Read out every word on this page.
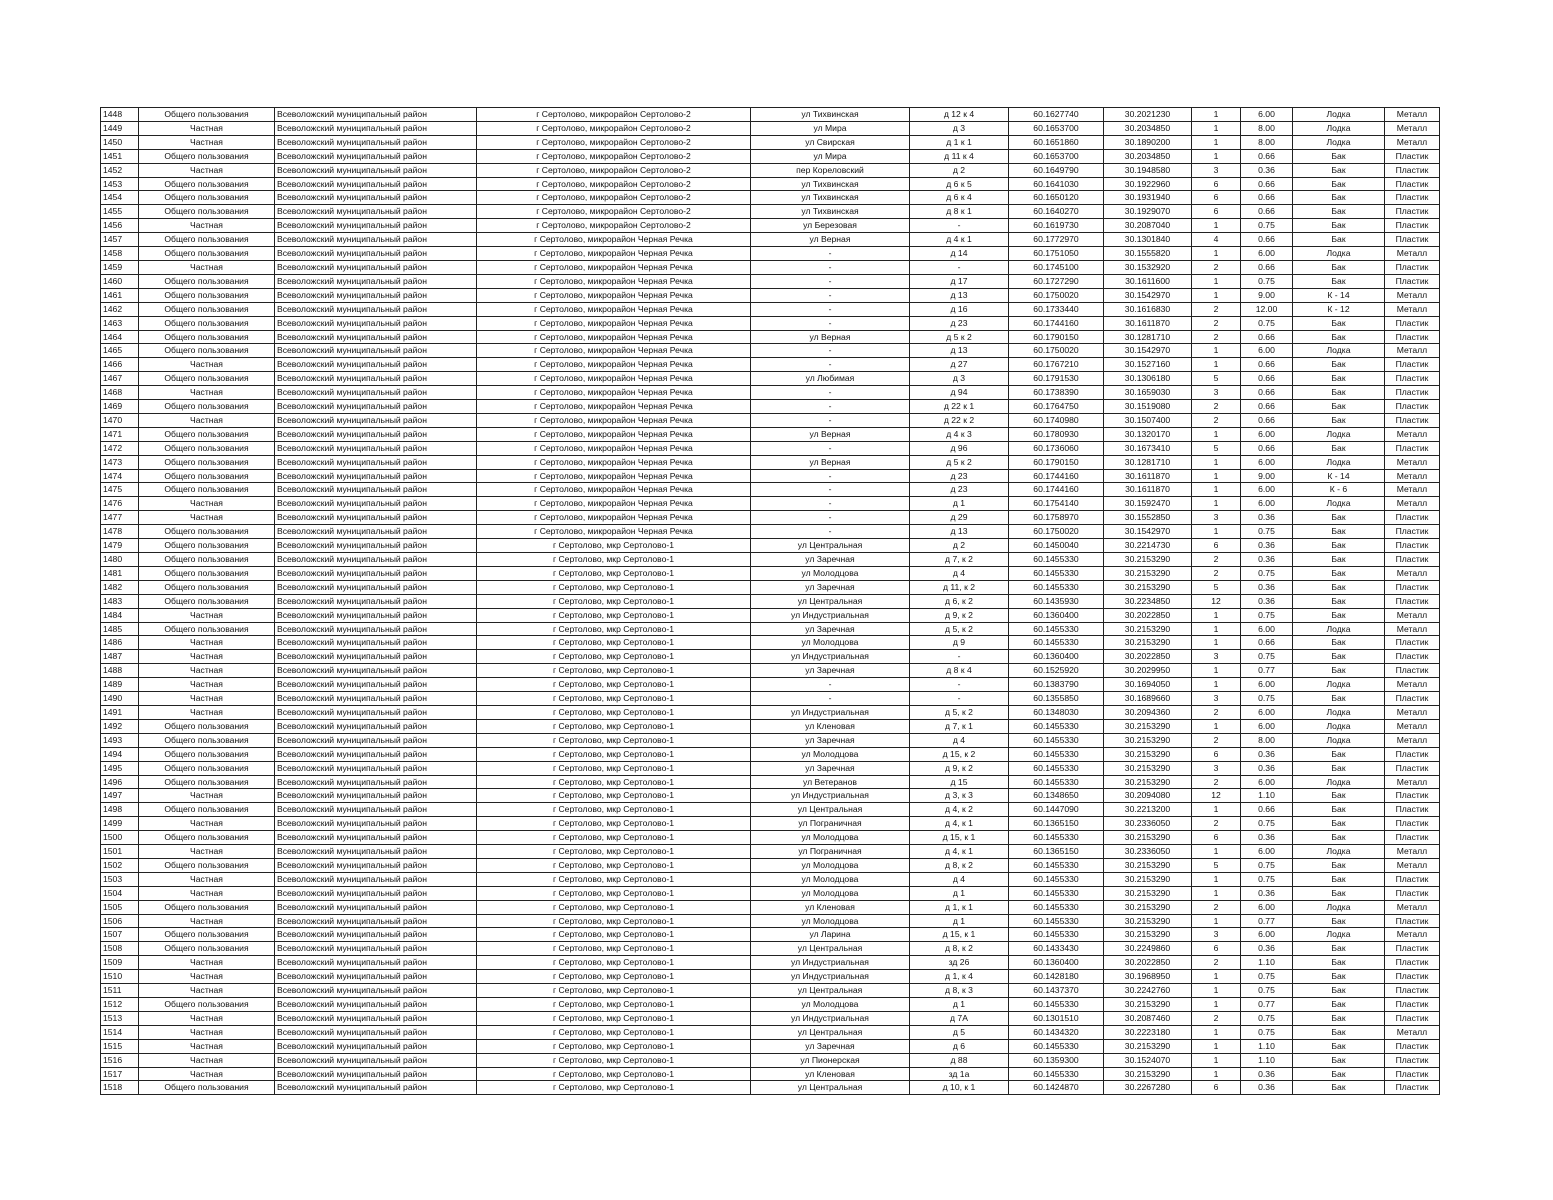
1448	Общего пользования	Всеволожский муниципальный район	г Сертолово, микрорайон Сертолово-2	ул Тихвинская	д 12 к 4	60.1627740	30.2021230	1	6.00	Лодка	Металл
1449	Частная	Всеволожский муниципальный район	г Сертолово, микрорайон Сертолово-2	ул Мира	д 3	60.1653700	30.2034850	1	8.00	Лодка	Металл
1450	Частная	Всеволожский муниципальный район	г Сертолово, микрорайон Сертолово-2	ул Свирская	д 1 к 1	60.1651860	30.1890200	1	8.00	Лодка	Металл
1451	Общего пользования	Всеволожский муниципальный район	г Сертолово, микрорайон Сертолово-2	ул Мира	д 11 к 4	60.1653700	30.2034850	1	0.66	Бак	Пластик
1452	Частная	Всеволожский муниципальный район	г Сертолово, микрорайон Сертолово-2	пер Кореловский	д 2	60.1649790	30.1948580	3	0.36	Бак	Пластик
1453	Общего пользования	Всеволожский муниципальный район	г Сертолово, микрорайон Сертолово-2	ул Тихвинская	д 6 к 5	60.1641030	30.1922960	6	0.66	Бак	Пластик
1454	Общего пользования	Всеволожский муниципальный район	г Сертолово, микрорайон Сертолово-2	ул Тихвинская	д 6 к 4	60.1650120	30.1931940	6	0.66	Бак	Пластик
1455	Общего пользования	Всеволожский муниципальный район	г Сертолово, микрорайон Сертолово-2	ул Тихвинская	д 8 к 1	60.1640270	30.1929070	6	0.66	Бак	Пластик
1456	Частная	Всеволожский муниципальный район	г Сертолово, микрорайон Сертолово-2	ул Березовая	-	60.1619730	30.2087040	1	0.75	Бак	Пластик
1457	Общего пользования	Всеволожский муниципальный район	г Сертолово, микрорайон Черная Речка	ул Верная	д 4 к 1	60.1772970	30.1301840	4	0.66	Бак	Пластик
1458	Общего пользования	Всеволожский муниципальный район	г Сертолово, микрорайон Черная Речка	-	д 14	60.1751050	30.1555820	1	6.00	Лодка	Металл
1459	Частная	Всеволожский муниципальный район	г Сертолово, микрорайон Черная Речка	-	-	60.1745100	30.1532920	2	0.66	Бак	Пластик
1460	Общего пользования	Всеволожский муниципальный район	г Сертолово, микрорайон Черная Речка	-	д 17	60.1727290	30.1611600	1	0.75	Бак	Пластик
1461	Общего пользования	Всеволожский муниципальный район	г Сертолово, микрорайон Черная Речка	-	д 13	60.1750020	30.1542970	1	9.00	К - 14	Металл
1462	Общего пользования	Всеволожский муниципальный район	г Сертолово, микрорайон Черная Речка	-	д 16	60.1733440	30.1616830	2	12.00	К - 12	Металл
1463	Общего пользования	Всеволожский муниципальный район	г Сертолово, микрорайон Черная Речка	-	д 23	60.1744160	30.1611870	2	0.75	Бак	Пластик
1464	Общего пользования	Всеволожский муниципальный район	г Сертолово, микрорайон Черная Речка	ул Верная	д 5 к 2	60.1790150	30.1281710	2	0.66	Бак	Пластик
1465	Общего пользования	Всеволожский муниципальный район	г Сертолово, микрорайон Черная Речка	-	д 13	60.1750020	30.1542970	1	6.00	Лодка	Металл
1466	Частная	Всеволожский муниципальный район	г Сертолово, микрорайон Черная Речка	-	д 27	60.1767210	30.1527160	1	0.66	Бак	Пластик
1467	Общего пользования	Всеволожский муниципальный район	г Сертолово, микрорайон Черная Речка	ул Любимая	д 3	60.1791530	30.1306180	5	0.66	Бак	Пластик
1468	Частная	Всеволожский муниципальный район	г Сертолово, микрорайон Черная Речка	-	д 94	60.1738390	30.1659030	3	0.66	Бак	Пластик
1469	Общего пользования	Всеволожский муниципальный район	г Сертолово, микрорайон Черная Речка	-	д 22 к 1	60.1764750	30.1519080	2	0.66	Бак	Пластик
1470	Частная	Всеволожский муниципальный район	г Сертолово, микрорайон Черная Речка	-	д 22 к 2	60.1740980	30.1507400	2	0.66	Бак	Пластик
1471	Общего пользования	Всеволожский муниципальный район	г Сертолово, микрорайон Черная Речка	ул Верная	д 4 к 3	60.1780930	30.1320170	1	6.00	Лодка	Металл
1472	Общего пользования	Всеволожский муниципальный район	г Сертолово, микрорайон Черная Речка	-	д 96	60.1736060	30.1673410	5	0.66	Бак	Пластик
1473	Общего пользования	Всеволожский муниципальный район	г Сертолово, микрорайон Черная Речка	ул Верная	д 5 к 2	60.1790150	30.1281710	1	6.00	Лодка	Металл
1474	Общего пользования	Всеволожский муниципальный район	г Сертолово, микрорайон Черная Речка	-	д 23	60.1744160	30.1611870	1	9.00	К - 14	Металл
1475	Общего пользования	Всеволожский муниципальный район	г Сертолово, микрорайон Черная Речка	-	д 23	60.1744160	30.1611870	1	6.00	К - 6	Металл
1476	Частная	Всеволожский муниципальный район	г Сертолово, микрорайон Черная Речка	-	д 1	60.1754140	30.1592470	1	6.00	Лодка	Металл
1477	Частная	Всеволожский муниципальный район	г Сертолово, микрорайон Черная Речка	-	д 29	60.1758970	30.1552850	3	0.36	Бак	Пластик
1478	Общего пользования	Всеволожский муниципальный район	г Сертолово, микрорайон Черная Речка	-	д 13	60.1750020	30.1542970	1	0.75	Бак	Пластик
1479	Общего пользования	Всеволожский муниципальный район	г Сертолово, мкр Сертолово-1	ул Центральная	д 2	60.1450040	30.2214730	6	0.36	Бак	Пластик
1480	Общего пользования	Всеволожский муниципальный район	г Сертолово, мкр Сертолово-1	ул Заречная	д 7, к 2	60.1455330	30.2153290	2	0.36	Бак	Пластик
1481	Общего пользования	Всеволожский муниципальный район	г Сертолово, мкр Сертолово-1	ул Молодцова	д 4	60.1455330	30.2153290	2	0.75	Бак	Металл
1482	Общего пользования	Всеволожский муниципальный район	г Сертолово, мкр Сертолово-1	ул Заречная	д 11, к 2	60.1455330	30.2153290	5	0.36	Бак	Пластик
1483	Общего пользования	Всеволожский муниципальный район	г Сертолово, мкр Сертолово-1	ул Центральная	д 6, к 2	60.1435930	30.2234850	12	0.36	Бак	Пластик
1484	Частная	Всеволожский муниципальный район	г Сертолово, мкр Сертолово-1	ул Индустриальная	д 9, к 2	60.1360400	30.2022850	1	0.75	Бак	Металл
1485	Общего пользования	Всеволожский муниципальный район	г Сертолово, мкр Сертолово-1	ул Заречная	д 5, к 2	60.1455330	30.2153290	1	6.00	Лодка	Металл
1486	Частная	Всеволожский муниципальный район	г Сертолово, мкр Сертолово-1	ул Молодцова	д 9	60.1455330	30.2153290	1	0.66	Бак	Пластик
1487	Частная	Всеволожский муниципальный район	г Сертолово, мкр Сертолово-1	ул Индустриальная	-	60.1360400	30.2022850	3	0.75	Бак	Пластик
1488	Частная	Всеволожский муниципальный район	г Сертолово, мкр Сертолово-1	ул Заречная	д 8 к 4	60.1525920	30.2029950	1	0.77	Бак	Пластик
1489	Частная	Всеволожский муниципальный район	г Сертолово, мкр Сертолово-1	-	-	60.1383790	30.1694050	1	6.00	Лодка	Металл
1490	Частная	Всеволожский муниципальный район	г Сертолово, мкр Сертолово-1	-	-	60.1355850	30.1689660	3	0.75	Бак	Пластик
1491	Частная	Всеволожский муниципальный район	г Сертолово, мкр Сертолово-1	ул Индустриальная	д 5, к 2	60.1348030	30.2094360	2	6.00	Лодка	Металл
1492	Общего пользования	Всеволожский муниципальный район	г Сертолово, мкр Сертолово-1	ул Кленовая	д 7, к 1	60.1455330	30.2153290	1	6.00	Лодка	Металл
1493	Общего пользования	Всеволожский муниципальный район	г Сертолово, мкр Сертолово-1	ул Заречная	д 4	60.1455330	30.2153290	2	8.00	Лодка	Металл
1494	Общего пользования	Всеволожский муниципальный район	г Сертолово, мкр Сертолово-1	ул Молодцова	д 15, к 2	60.1455330	30.2153290	6	0.36	Бак	Пластик
1495	Общего пользования	Всеволожский муниципальный район	г Сертолово, мкр Сертолово-1	ул Заречная	д 9, к 2	60.1455330	30.2153290	3	0.36	Бак	Пластик
1496	Общего пользования	Всеволожский муниципальный район	г Сертолово, мкр Сертолово-1	ул Ветеранов	д 15	60.1455330	30.2153290	2	6.00	Лодка	Металл
1497	Частная	Всеволожский муниципальный район	г Сертолово, мкр Сертолово-1	ул Индустриальная	д 3, к 3	60.1348650	30.2094080	12	1.10	Бак	Пластик
1498	Общего пользования	Всеволожский муниципальный район	г Сертолово, мкр Сертолово-1	ул Центральная	д 4, к 2	60.1447090	30.2213200	1	0.66	Бак	Пластик
1499	Частная	Всеволожский муниципальный район	г Сертолово, мкр Сертолово-1	ул Пограничная	д 4, к 1	60.1365150	30.2336050	2	0.75	Бак	Пластик
1500	Общего пользования	Всеволожский муниципальный район	г Сертолово, мкр Сертолово-1	ул Молодцова	д 15, к 1	60.1455330	30.2153290	6	0.36	Бак	Пластик
1501	Частная	Всеволожский муниципальный район	г Сертолово, мкр Сертолово-1	ул Пограничная	д 4, к 1	60.1365150	30.2336050	1	6.00	Лодка	Металл
1502	Общего пользования	Всеволожский муниципальный район	г Сертолово, мкр Сертолово-1	ул Молодцова	д 8, к 2	60.1455330	30.2153290	5	0.75	Бак	Металл
1503	Частная	Всеволожский муниципальный район	г Сертолово, мкр Сертолово-1	ул Молодцова	д 4	60.1455330	30.2153290	1	0.75	Бак	Пластик
1504	Частная	Всеволожский муниципальный район	г Сертолово, мкр Сертолово-1	ул Молодцова	д 1	60.1455330	30.2153290	1	0.36	Бак	Пластик
1505	Общего пользования	Всеволожский муниципальный район	г Сертолово, мкр Сертолово-1	ул Кленовая	д 1, к 1	60.1455330	30.2153290	2	6.00	Лодка	Металл
1506	Частная	Всеволожский муниципальный район	г Сертолово, мкр Сертолово-1	ул Молодцова	д 1	60.1455330	30.2153290	1	0.77	Бак	Пластик
1507	Общего пользования	Всеволожский муниципальный район	г Сертолово, мкр Сертолово-1	ул Ларина	д 15, к 1	60.1455330	30.2153290	3	6.00	Лодка	Металл
1508	Общего пользования	Всеволожский муниципальный район	г Сертолово, мкр Сертолово-1	ул Центральная	д 8, к 2	60.1433430	30.2249860	6	0.36	Бак	Пластик
1509	Частная	Всеволожский муниципальный район	г Сертолово, мкр Сертолово-1	ул Индустриальная	зд 26	60.1360400	30.2022850	2	1.10	Бак	Пластик
1510	Частная	Всеволожский муниципальный район	г Сертолово, мкр Сертолово-1	ул Индустриальная	д 1, к 4	60.1428180	30.1968950	1	0.75	Бак	Пластик
1511	Частная	Всеволожский муниципальный район	г Сертолово, мкр Сертолово-1	ул Центральная	д 8, к 3	60.1437370	30.2242760	1	0.75	Бак	Пластик
1512	Общего пользования	Всеволожский муниципальный район	г Сертолово, мкр Сертолово-1	ул Молодцова	д 1	60.1455330	30.2153290	1	0.77	Бак	Пластик
1513	Частная	Всеволожский муниципальный район	г Сертолово, мкр Сертолово-1	ул Индустриальная	д 7А	60.1301510	30.2087460	2	0.75	Бак	Пластик
1514	Частная	Всеволожский муниципальный район	г Сертолово, мкр Сертолово-1	ул Центральная	д 5	60.1434320	30.2223180	1	0.75	Бак	Металл
1515	Частная	Всеволожский муниципальный район	г Сертолово, мкр Сертолово-1	ул Заречная	д 6	60.1455330	30.2153290	1	1.10	Бак	Пластик
1516	Частная	Всеволожский муниципальный район	г Сертолово, мкр Сертолово-1	ул Пионерская	д 88	60.1359300	30.1524070	1	1.10	Бак	Пластик
1517	Частная	Всеволожский муниципальный район	г Сертолово, мкр Сертолово-1	ул Кленовая	зд 1а	60.1455330	30.2153290	1	0.36	Бак	Пластик
1518	Общего пользования	Всеволожский муниципальный район	г Сертолово, мкр Сертолово-1	ул Центральная	д 10, к 1	60.1424870	30.2267280	6	0.36	Бак	Пластик
